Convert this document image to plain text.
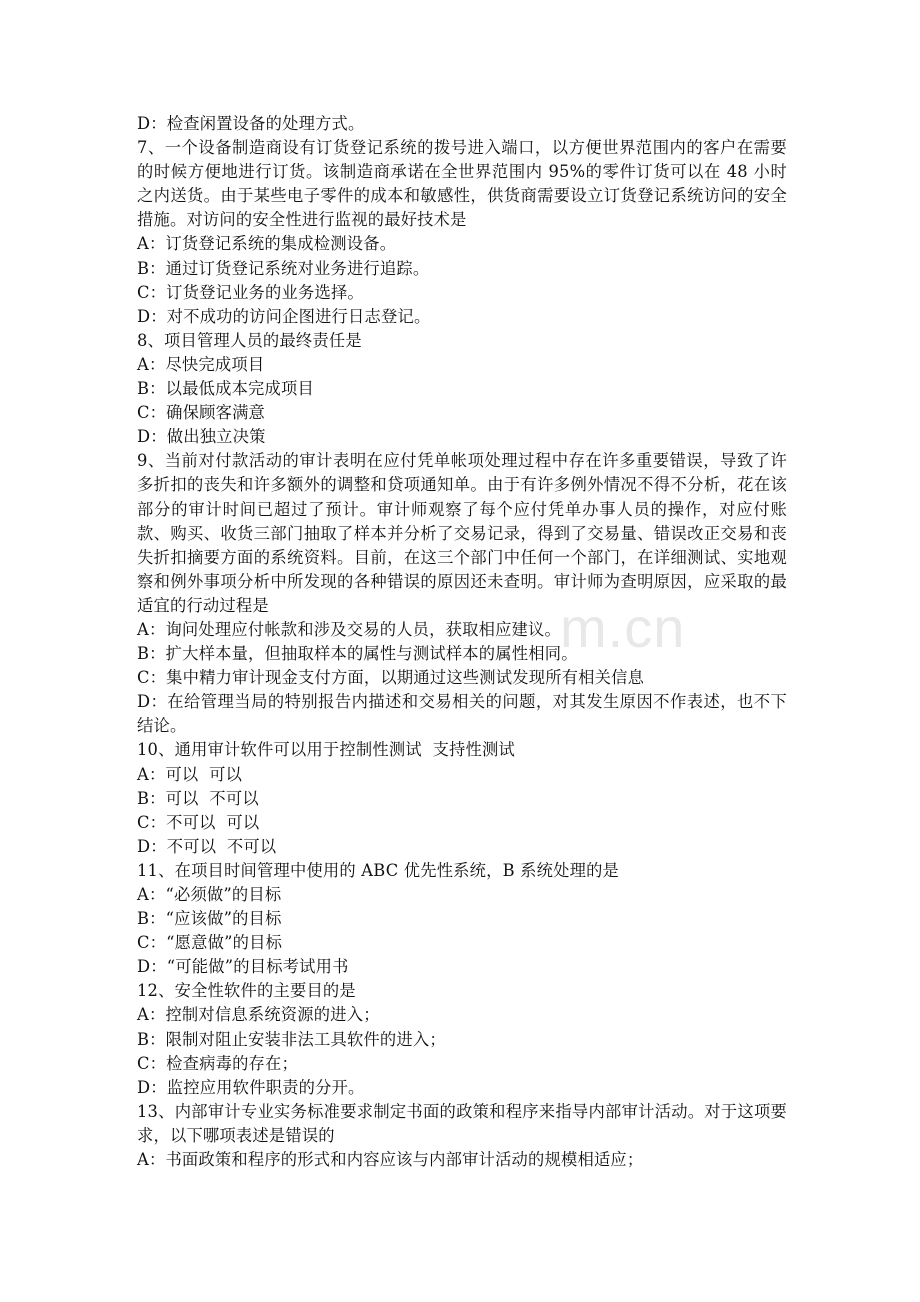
m.cn

D：检查闲置设备的处理方式。

7、一个设备制造商设有订货登记系统的拨号进入端口，以方便世界范围内的客户在需要的时候方便地进行订货。该制造商承诺在全世界范围内 95%的零件订货可以在 48 小时之内送货。由于某些电子零件的成本和敏感性，供货商需要设立订货登记系统访问的安全措施。对访问的安全性进行监视的最好技术是

A：订货登记系统的集成检测设备。

B：通过订货登记系统对业务进行追踪。

C：订货登记业务的业务选择。

D：对不成功的访问企图进行日志登记。

8、项目管理人员的最终责任是

A：尽快完成项目

B：以最低成本完成项目

C：确保顾客满意

D：做出独立决策

9、当前对付款活动的审计表明在应付凭单帐项处理过程中存在许多重要错误，导致了许多折扣的丧失和许多额外的调整和贷项通知单。由于有许多例外情况不得不分析，花在该部分的审计时间已超过了预计。审计师观察了每个应付凭单办事人员的操作，对应付账款、购买、收货三部门抽取了样本并分析了交易记录，得到了交易量、错误改正交易和丧失折扣摘要方面的系统资料。目前，在这三个部门中任何一个部门，在详细测试、实地观察和例外事项分析中所发现的各种错误的原因还未查明。审计师为查明原因，应采取的最适宜的行动过程是

A：询问处理应付帐款和涉及交易的人员，获取相应建议。

B：扩大样本量，但抽取样本的属性与测试样本的属性相同。

C：集中精力审计现金支付方面，以期通过这些测试发现所有相关信息

D：在给管理当局的特别报告内描述和交易相关的问题，对其发生原因不作表述，也不下结论。

10、通用审计软件可以用于控制性测试  支持性测试

A：可以  可以

B：可以  不可以

C：不可以  可以

D：不可以  不可以

11、在项目时间管理中使用的 ABC 优先性系统，B 系统处理的是

A：“必须做”的目标

B：“应该做”的目标

C：“愿意做”的目标

D：“可能做”的目标考试用书

12、安全性软件的主要目的是

A：控制对信息系统资源的进入；

B：限制对阻止安装非法工具软件的进入；

C：检查病毒的存在；

D：监控应用软件职责的分开。

13、内部审计专业实务标准要求制定书面的政策和程序来指导内部审计活动。对于这项要求，以下哪项表述是错误的

A：书面政策和程序的形式和内容应该与内部审计活动的规模相适应；
